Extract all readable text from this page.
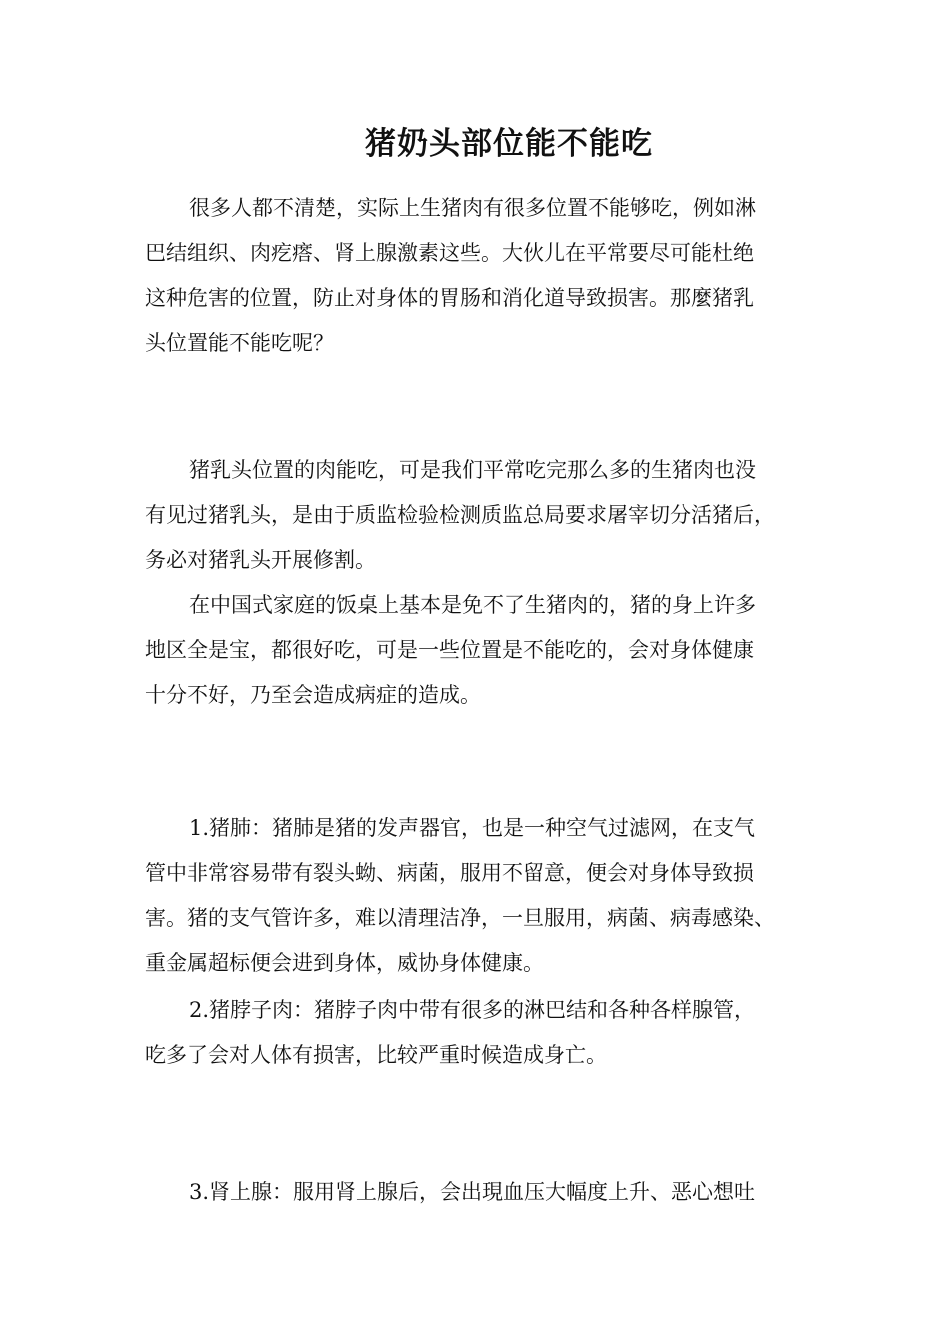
猪奶头部位能不能吃
很多人都不清楚，实际上生猪肉有很多位置不能够吃，例如淋
巴结组织、肉疙瘩、肾上腺激素这些。大伙儿在平常要尽可能杜绝
这种危害的位置，防止对身体的胃肠和消化道导致损害。那麼猪乳
头位置能不能吃呢？
猪乳头位置的肉能吃，可是我们平常吃完那么多的生猪肉也没
有见过猪乳头，是由于质监检验检测质监总局要求屠宰切分活猪后，
务必对猪乳头开展修割。
在中国式家庭的饭桌上基本是免不了生猪肉的，猪的身上许多
地区全是宝，都很好吃，可是一些位置是不能吃的，会对身体健康
十分不好，乃至会造成病症的造成。
1.猪肺：猪肺是猪的发声器官，也是一种空气过滤网，在支气
管中非常容易带有裂头蚴、病菌，服用不留意，便会对身体导致损
害。猪的支气管许多，难以清理洁净，一旦服用，病菌、病毒感染、
重金属超标便会进到身体，威协身体健康。
2.猪脖子肉：猪脖子肉中带有很多的淋巴结和各种各样腺管，
吃多了会对人体有损害，比较严重时候造成身亡。
3.肾上腺：服用肾上腺后，会出現血压大幅度上升、恶心想吐
